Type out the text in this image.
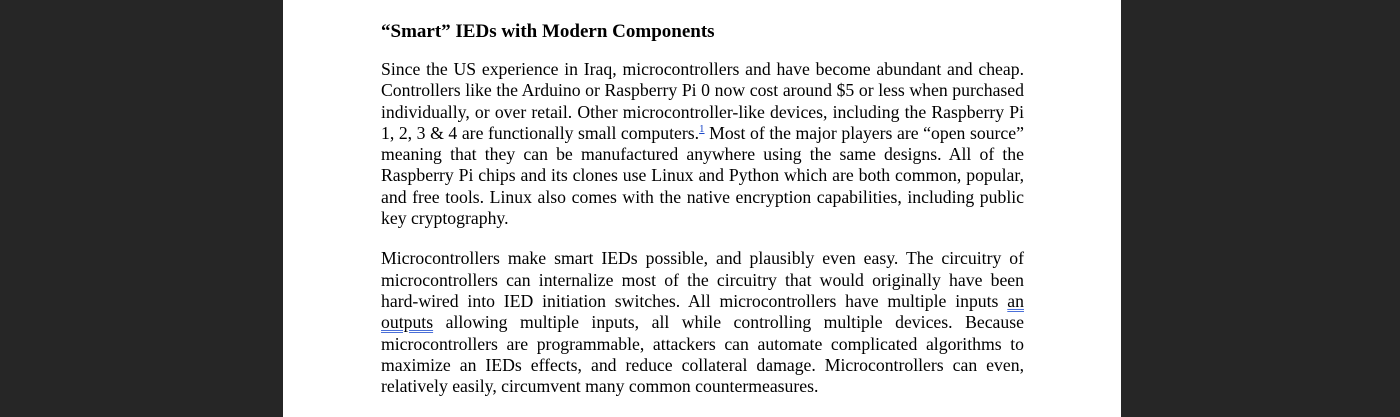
“Smart” IEDs with Modern Components

Since the US experience in Iraq, microcontrollers and have become abundant and cheap. Controllers like the Arduino or Raspberry Pi 0 now cost around $5 or less when purchased individually, or over retail. Other microcontroller-like devices, including the Raspberry Pi 1, 2, 3 & 4 are functionally small computers.$^1$ Most of the major players are “open source” meaning that they can be manufactured anywhere using the same designs. All of the Raspberry Pi chips and its clones use Linux and Python which are both common, popular, and free tools. Linux also comes with the native encryption capabilities, including public key cryptography.

Microcontrollers make smart IEDs possible, and plausibly even easy. The circuitry of microcontrollers can internalize most of the circuitry that would originally have been hard-wired into IED initiation switches. All microcontrollers have multiple inputs an outputs allowing multiple inputs, all while controlling multiple devices. Because microcontrollers are programmable, attackers can automate complicated algorithms to maximize an IEDs effects, and reduce collateral damage. Microcontrollers can even, relatively easily, circumvent many common countermeasures.
